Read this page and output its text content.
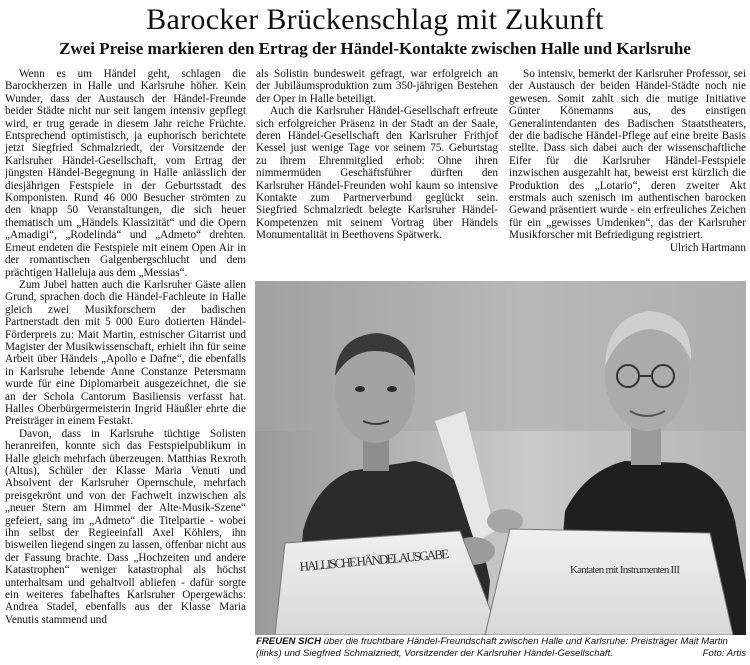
Barocker Brückenschlag mit Zukunft
Zwei Preise markieren den Ertrag der Händel-Kontakte zwischen Halle und Karlsruhe

Wenn es um Händel geht, schlagen die Barockherzen in Halle und Karlsruhe höher. Kein Wunder, dass der Austausch der Händel-Freunde beider Städte nicht nur seit langem intensiv gepflegt wird, er trug gerade in diesem Jahr reiche Früchte. Entsprechend optimistisch, ja euphorisch berichtete jetzt Siegfried Schmalzriedt, der Vorsitzende der Karlsruher Händel-Gesellschaft, vom Ertrag der jüngsten Händel-Begegnung in Halle anlässlich der diesjährigen Festspiele in der Geburtsstadt des Komponisten. Rund 46 000 Besucher strömten zu den knapp 50 Veranstaltungen, die sich heuer thematisch um „Händels Klassizität“ und die Opern „Amadigi“, „Rodelinda“ und „Admeto“ drehten. Erneut endeten die Festspiele mit einem Open Air in der romantischen Galgenbergschlucht und dem prächtigen Halleluja aus dem „Messias“.

Zum Jubel hatten auch die Karlsruher Gäste allen Grund, sprachen doch die Händel-Fachleute in Halle gleich zwei Musikforschern der badischen Partnerstadt den mit 5 000 Euro dotierten Händel-Förderpreis zu: Mait Martin, estnischer Gitarrist und Magister der Musikwissenschaft, erhielt ihn für seine Arbeit über Händels „Apollo e Dafne“, die ebenfalls in Karlsruhe lebende Anne Constanze Petersmann wurde für eine Diplomarbeit ausgezeichnet, die sie an der Schola Cantorum Basiliensis verfasst hat. Halles Oberbürgermeisterin Ingrid Häußler ehrte die Preisträger in einem Festakt.

Davon, dass in Karlsruhe tüchtige Solisten heranreifen, konnte sich das Festspielpublikum in Halle gleich mehrfach überzeugen. Matthias Rexroth (Altus), Schüler der Klasse Maria Venuti und Absolvent der Karlsruher Opernschule, mehrfach preisgekrönt und von der Fachwelt inzwischen als „neuer Stern am Himmel der Alte-Musik-Szene“ gefeiert, sang im „Admeto“ die Titelpartie - wobei ihn selbst der Regieeinfall Axel Köhlers, ihn bisweilen liegend singen zu lassen, offenbar nicht aus der Fassung brachte. Dass „Hochzeiten und andere Katastrophen“ weniger katastrophal als höchst unterhaltsam und gehaltvoll abliefen - dafür sorgte ein weiteres fabelhaftes Karlsruher Opergewächs: Andrea Stadel, ebenfalls aus der Klasse Maria Venutis stammend und

als Solistin bundesweit gefragt, war erfolgreich an der Jubiläumsproduktion zum 350-jährigen Bestehen der Oper in Halle beteiligt.

Auch die Karlsruher Händel-Gesellschaft erfreute sich erfolgreicher Präsenz in der Stadt an der Saale, deren Händel-Gesellschaft den Karlsruher Frithjof Kessel just wenige Tage vor seinem 75. Geburtstag zu ihrem Ehrenmitglied erhob: Ohne ihren nimmermüden Geschäftsführer dürften den Karlsruher Händel-Freunden wohl kaum so intensive Kontakte zum Partnerverbund geglückt sein. Siegfried Schmalzriedt belegte Karlsruher Händel-Kompetenzen mit seinem Vortrag über Händels Monumentalität in Beethovens Spätwerk.

So intensiv, bemerkt der Karlsruher Professor, sei der Austausch der beiden Händel-Städte noch nie gewesen. Somit zahlt sich die mutige Initiative Günter Könemanns aus, des einstigen Generalintendanten des Badischen Staatstheaters, der die badische Händel-Pflege auf eine breite Basis stellte. Dass sich dabei auch der wissenschaftliche Eifer für die Karlsruher Händel-Festspiele inzwischen ausgezahlt hat, beweist erst kürzlich die Produktion des „Lotario“, deren zweiter Akt erstmals auch szenisch im authentischen barocken Gewand präsentiert wurde - ein erfreuliches Zeichen für ein „gewisses Umdenken“, das der Karlsruher Musikforscher mit Befriedigung registriert.

Ulrich Hartmann
HALLISCHE HÄNDEL AUSGABE
Kantaten mit Instrumenten III
FREUEN SICH über die fruchtbare Händel-Freundschaft zwischen Halle und Karlsruhe: Preisträger Mait Martin (links) und Siegfried Schmalzriedt, Vorsitzender der Karlsruher Händel-Gesellschaft.	Foto: Artis
